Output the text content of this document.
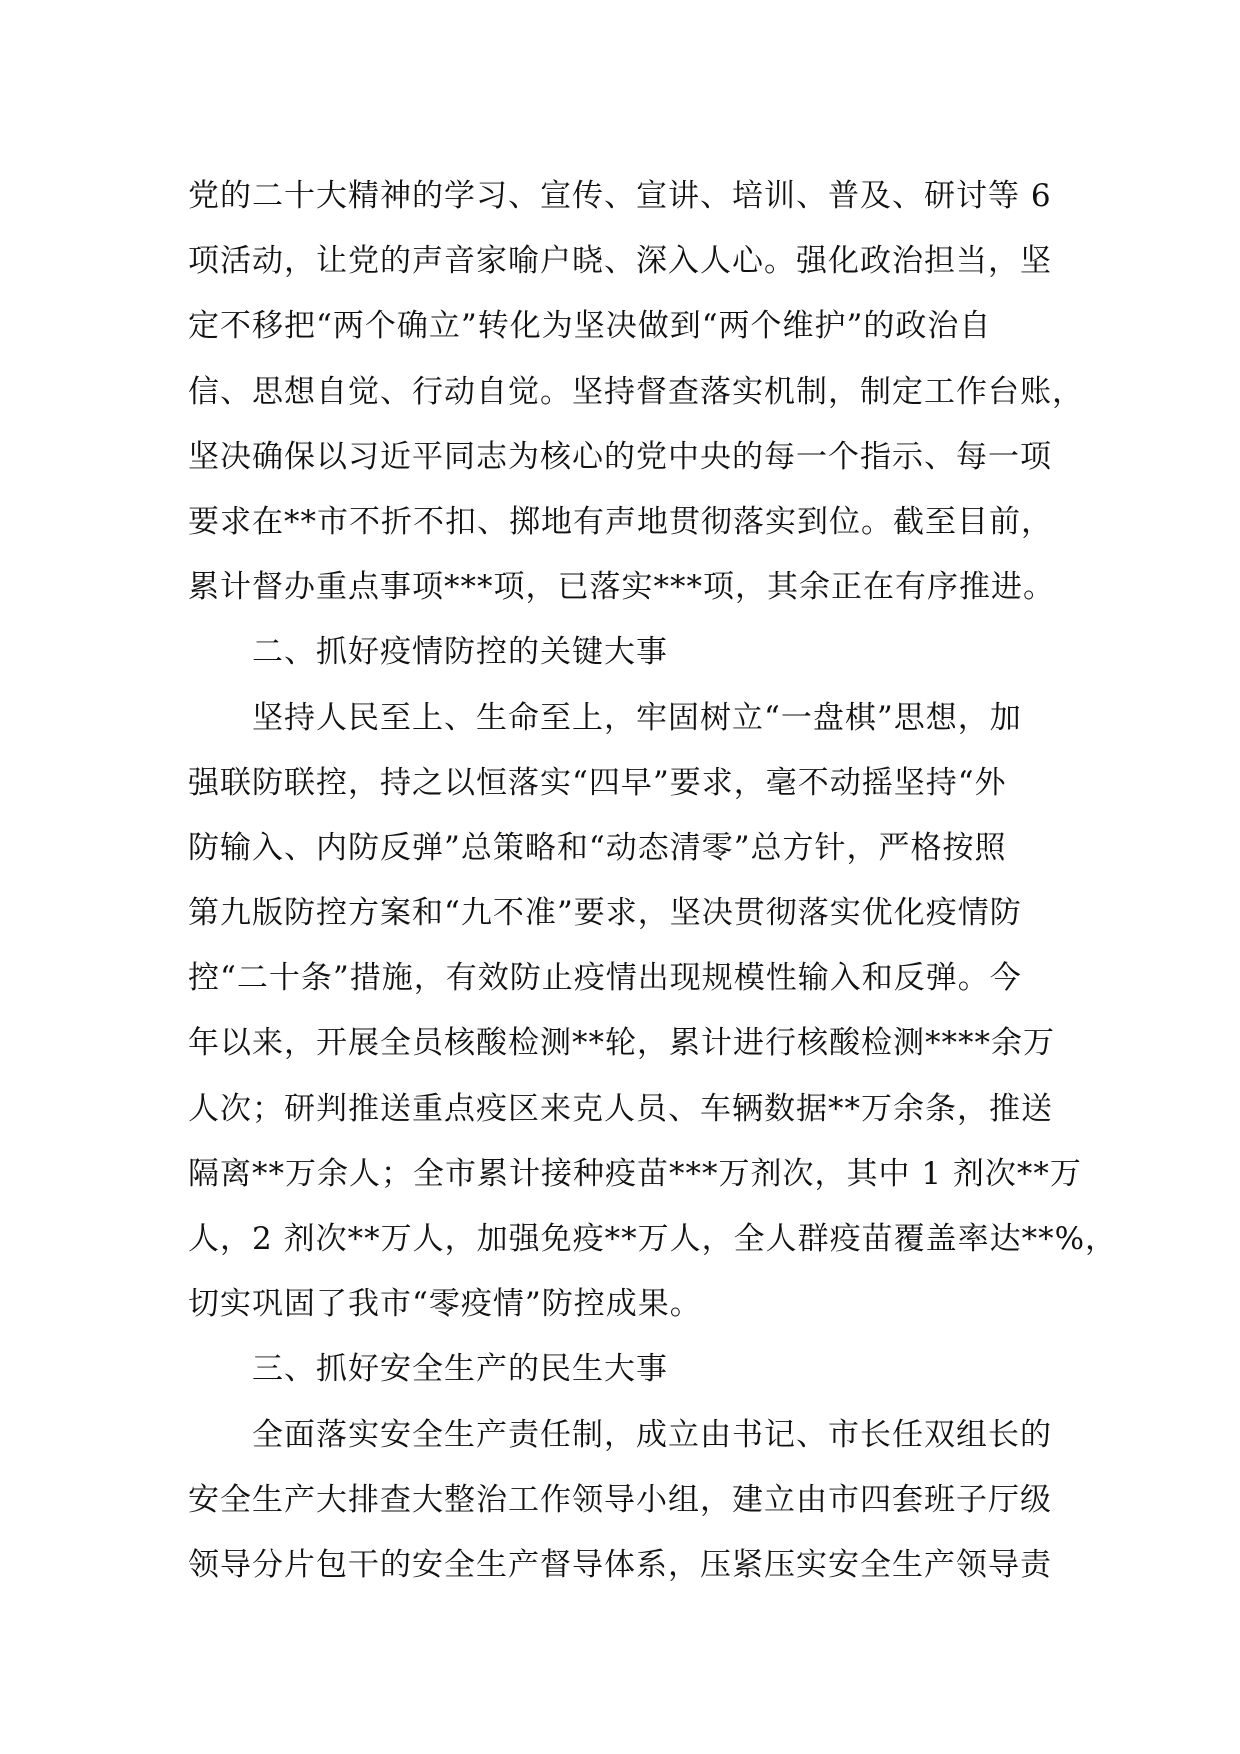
党的二十大精神的学习、宣传、宣讲、培训、普及、研讨等 6
项活动，让党的声音家喻户晓、深入人心。强化政治担当，坚
定不移把“两个确立”转化为坚决做到“两个维护”的政治自
信、思想自觉、行动自觉。坚持督查落实机制，制定工作台账，
坚决确保以习近平同志为核心的党中央的每一个指示、每一项
要求在**市不折不扣、掷地有声地贯彻落实到位。截至目前，
累计督办重点事项***项，已落实***项，其余正在有序推进。
二、抓好疫情防控的关键大事
坚持人民至上、生命至上，牢固树立“一盘棋”思想，加
强联防联控，持之以恒落实“四早”要求，毫不动摇坚持“外
防输入、内防反弹”总策略和“动态清零”总方针，严格按照
第九版防控方案和“九不准”要求，坚决贯彻落实优化疫情防
控“二十条”措施，有效防止疫情出现规模性输入和反弹。今
年以来，开展全员核酸检测**轮，累计进行核酸检测****余万
人次；研判推送重点疫区来克人员、车辆数据**万余条，推送
隔离**万余人；全市累计接种疫苗***万剂次，其中 1 剂次**万
人，2 剂次**万人，加强免疫**万人，全人群疫苗覆盖率达**%，
切实巩固了我市“零疫情”防控成果。
三、抓好安全生产的民生大事
全面落实安全生产责任制，成立由书记、市长任双组长的
安全生产大排查大整治工作领导小组，建立由市四套班子厅级
领导分片包干的安全生产督导体系，压紧压实安全生产领导责
